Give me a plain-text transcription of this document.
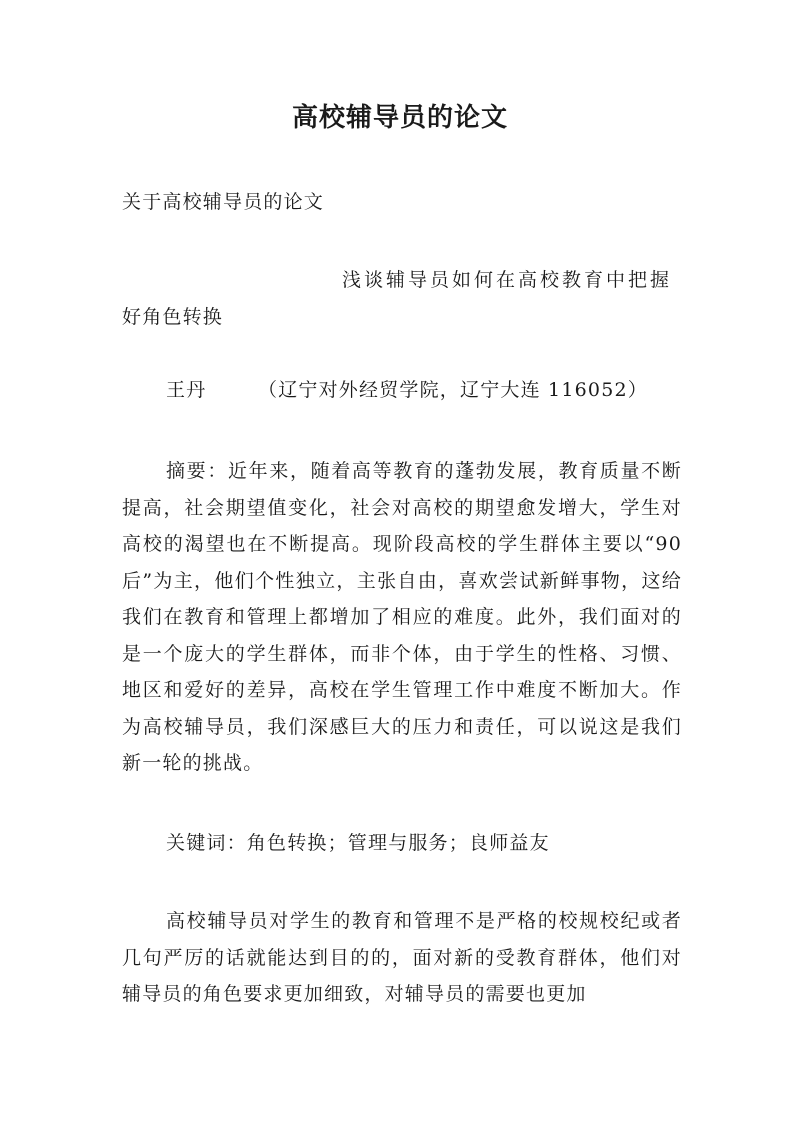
高校辅导员的论文
关于高校辅导员的论文
浅谈辅导员如何在高校教育中把握
好角色转换
王丹	（辽宁对外经贸学院，辽宁大连 116052）
摘要：近年来，随着高等教育的蓬勃发展，教育质量不断提高，社会期望值变化，社会对高校的期望愈发增大，学生对高校的渴望也在不断提高。现阶段高校的学生群体主要以“90后”为主，他们个性独立，主张自由，喜欢尝试新鲜事物，这给我们在教育和管理上都增加了相应的难度。此外，我们面对的是一个庞大的学生群体，而非个体，由于学生的性格、习惯、地区和爱好的差异，高校在学生管理工作中难度不断加大。作为高校辅导员，我们深感巨大的压力和责任，可以说这是我们新一轮的挑战。
关键词：角色转换；管理与服务；良师益友
高校辅导员对学生的教育和管理不是严格的校规校纪或者几句严厉的话就能达到目的的，面对新的受教育群体，他们对辅导员的角色要求更加细致，对辅导员的需要也更加
